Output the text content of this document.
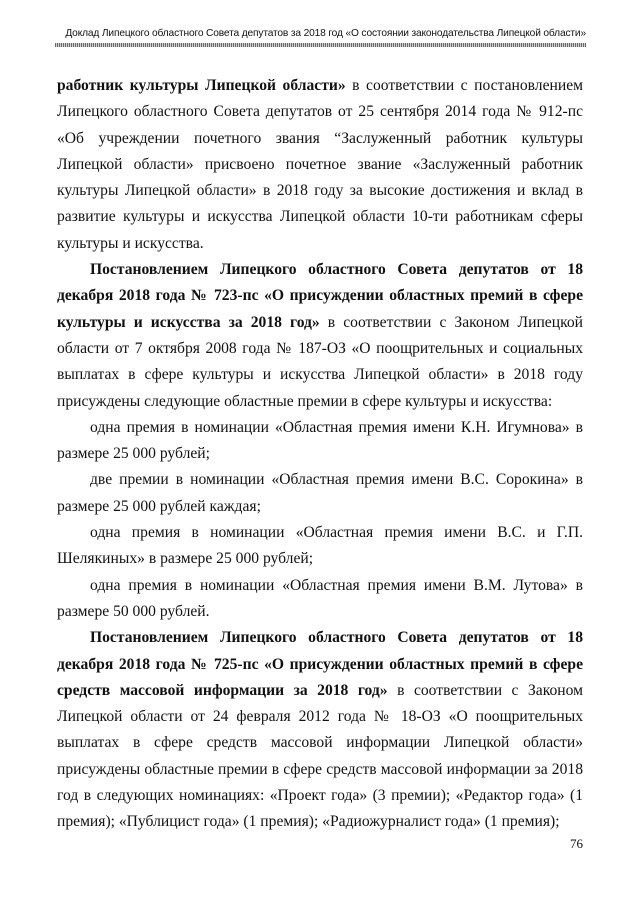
Доклад Липецкого областного Совета депутатов за 2018 год «О состоянии законодательства Липецкой области»

работник культуры Липецкой области» в соответствии с постановлением Липецкого областного Совета депутатов от 25 сентября 2014 года № 912-пс «Об учреждении почетного звания “Заслуженный работник культуры Липецкой области» присвоено почетное звание «Заслуженный работник культуры Липецкой области» в 2018 году за высокие достижения и вклад в развитие культуры и искусства Липецкой области 10-ти работникам сферы культуры и искусства.

Постановлением Липецкого областного Совета депутатов от 18 декабря 2018 года № 723-пс «О присуждении областных премий в сфере культуры и искусства за 2018 год» в соответствии с Законом Липецкой области от 7 октября 2008 года № 187-ОЗ «О поощрительных и социальных выплатах в сфере культуры и искусства Липецкой области» в 2018 году присуждены следующие областные премии в сфере культуры и искусства:

одна премия в номинации «Областная премия имени К.Н. Игумнова» в размере 25 000 рублей;

две премии в номинации «Областная премия имени В.С. Сорокина» в размере 25 000 рублей каждая;

одна премия в номинации «Областная премия имени В.С. и Г.П. Шелякиных» в размере 25 000 рублей;

одна премия в номинации «Областная премия имени В.М. Лутова» в размере 50 000 рублей.

Постановлением Липецкого областного Совета депутатов от 18 декабря 2018 года № 725-пс «О присуждении областных премий в сфере средств массовой информации за 2018 год» в соответствии с Законом Липецкой области от 24 февраля 2012 года № 18-ОЗ «О поощрительных выплатах в сфере средств массовой информации Липецкой области» присуждены областные премии в сфере средств массовой информации за 2018 год в следующих номинациях: «Проект года» (3 премии); «Редактор года» (1 премия); «Публицист года» (1 премия); «Радиожурналист года» (1 премия);

76
